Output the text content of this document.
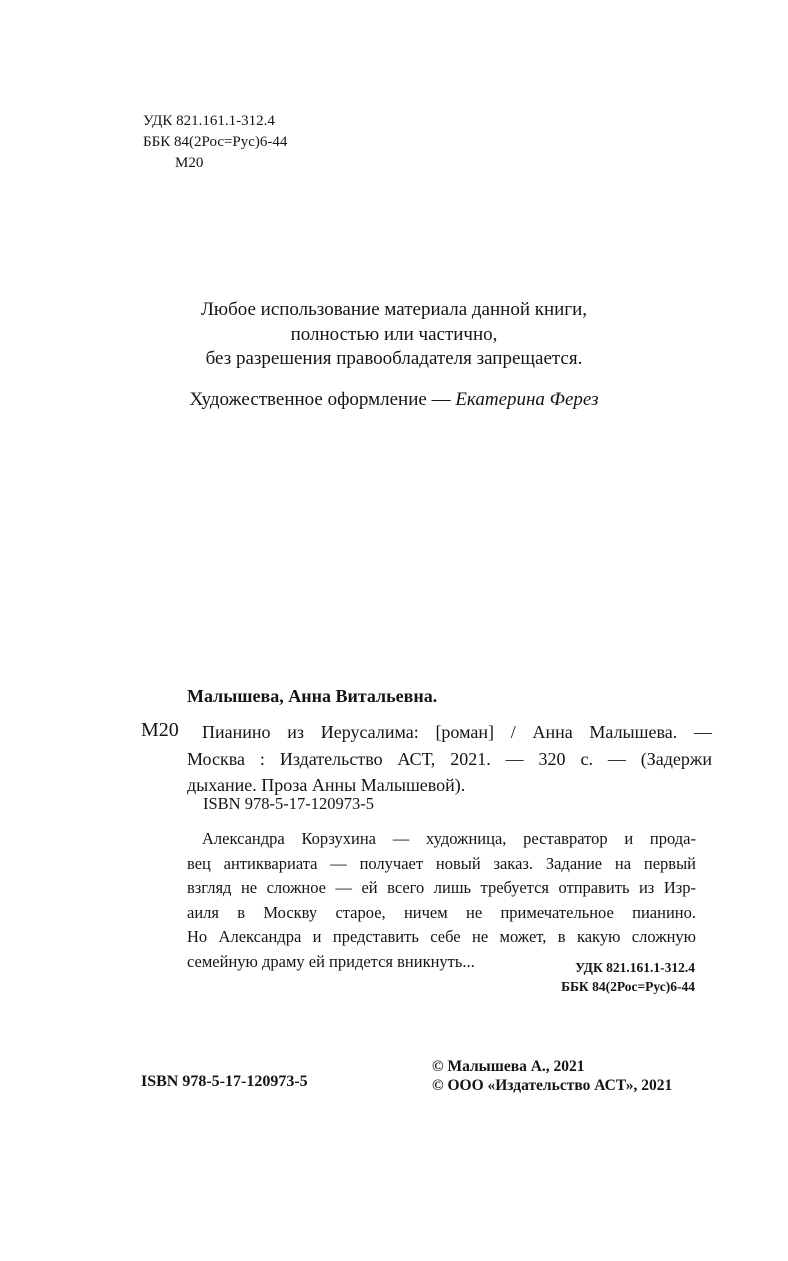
УДК 821.161.1-312.4
ББК 84(2Рос=Рус)6-44
М20
Любое использование материала данной книги,
полностью или частично,
без разрешения правообладателя запрещается.
Художественное оформление — Екатерина Ферез
Малышева, Анна Витальевна.
М20	Пианино из Иерусалима: [роман] / Анна Малышева. —
Москва : Издательство АСТ, 2021. — 320 с. — (Задержи
дыхание. Проза Анны Малышевой).
ISBN 978-5-17-120973-5
Александра Корзухина — художница, реставратор и прода-
вец антиквариата — получает новый заказ. Задание на первый
взгляд не сложное — ей всего лишь требуется отправить из Изр-
аиля в Москву старое, ничем не примечательное пианино.
Но Александра и представить себе не может, в какую сложную
семейную драму ей придется вникнуть...	УДК 821.161.1-312.4
ББК 84(2Рос=Рус)6-44
ISBN 978-5-17-120973-5
© Малышева А., 2021
© ООО «Издательство АСТ», 2021
